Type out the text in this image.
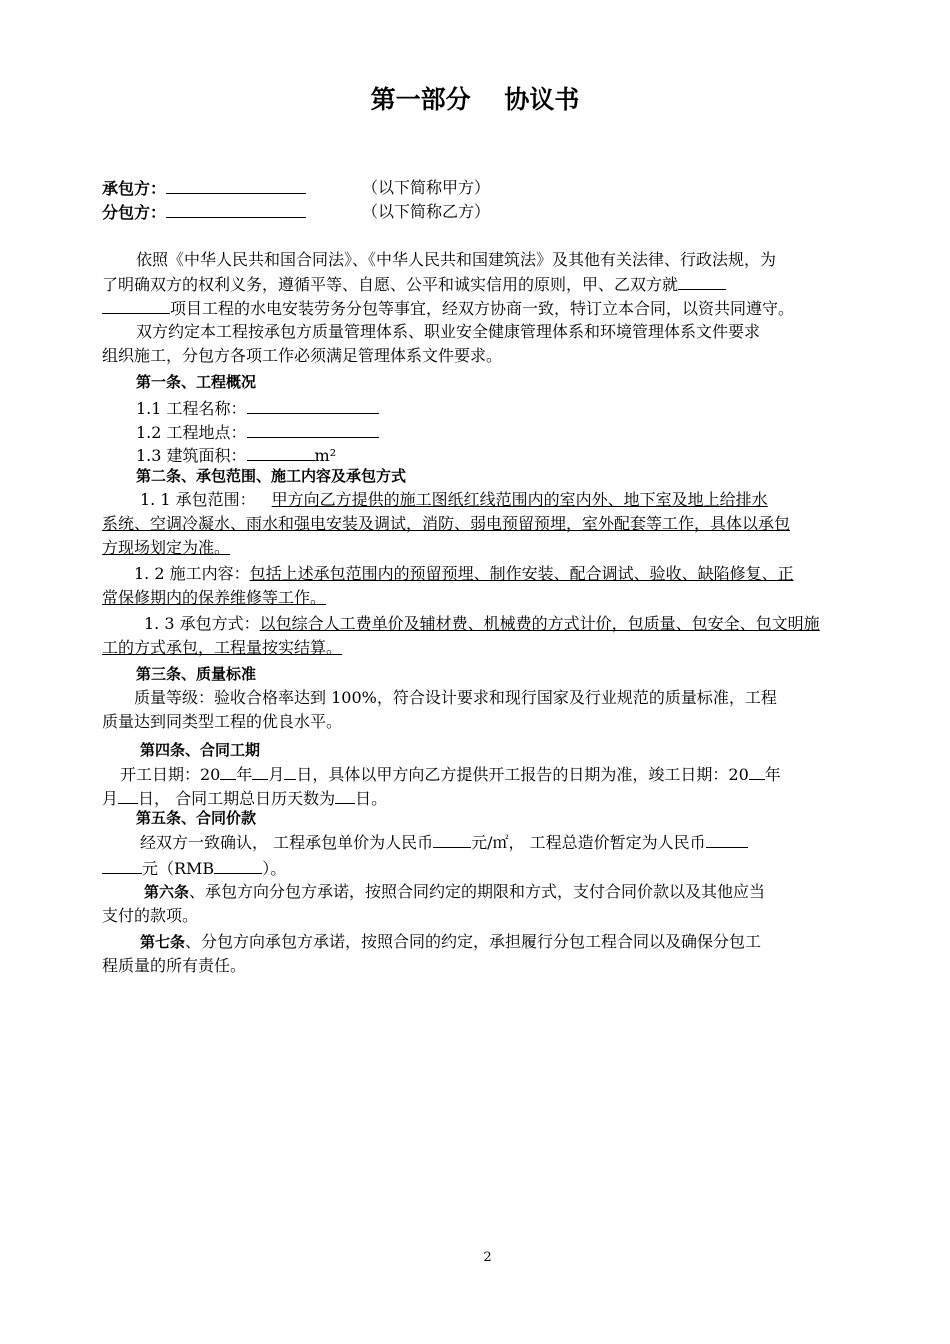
第一部分　 协议书
承包方：	（以下简称甲方）
分包方：	（以下简称乙方）
依照《中华人民共和国合同法》、《中华人民共和国建筑法》及其他有关法律、行政法规，为
了明确双方的权利义务，遵循平等、自愿、公平和诚实信用的原则，甲、乙双方就
项目工程的水电安装劳务分包等事宜，经双方协商一致，特订立本合同，以资共同遵守。
双方约定本工程按承包方质量管理体系、职业安全健康管理体系和环境管理体系文件要求
组织施工，分包方各项工作必须满足管理体系文件要求。
第一条、工程概况
1.1 工程名称：
1.2 工程地点：
1.3 建筑面积：	m²
第二条、承包范围、施工内容及承包方式
1. 1 承包范围： 甲方向乙方提供的施工图纸红线范围内的室内外、地下室及地上给排水
系统、空调冷凝水、雨水和强电安装及调试，消防、弱电预留预埋，室外配套等工作，具体以承包
方现场划定为准。
1. 2 施工内容：包括上述承包范围内的预留预埋、制作安装、配合调试、验收、缺陷修复、正
常保修期内的保养维修等工作。
1. 3 承包方式：以包综合人工费单价及辅材费、机械费的方式计价，包质量、包安全、包文明施
工的方式承包，工程量按实结算。
第三条、质量标准
质量等级：验收合格率达到 100%，符合设计要求和现行国家及行业规范的质量标准，工程
质量达到同类型工程的优良水平。
第四条、合同工期
开工日期：20 年 月 日，具体以甲方向乙方提供开工报告的日期为准，竣工日期：20 年
月 日， 合同工期总日历天数为 日。
第五条、合同价款
经双方一致确认， 工程承包单价为人民币 元/㎡， 工程总造价暂定为人民币
元（RMB	）。
第六条、承包方向分包方承诺，按照合同约定的期限和方式，支付合同价款以及其他应当
支付的款项。
第七条、分包方向承包方承诺，按照合同的约定，承担履行分包工程合同以及确保分包工
程质量的所有责任。
2
